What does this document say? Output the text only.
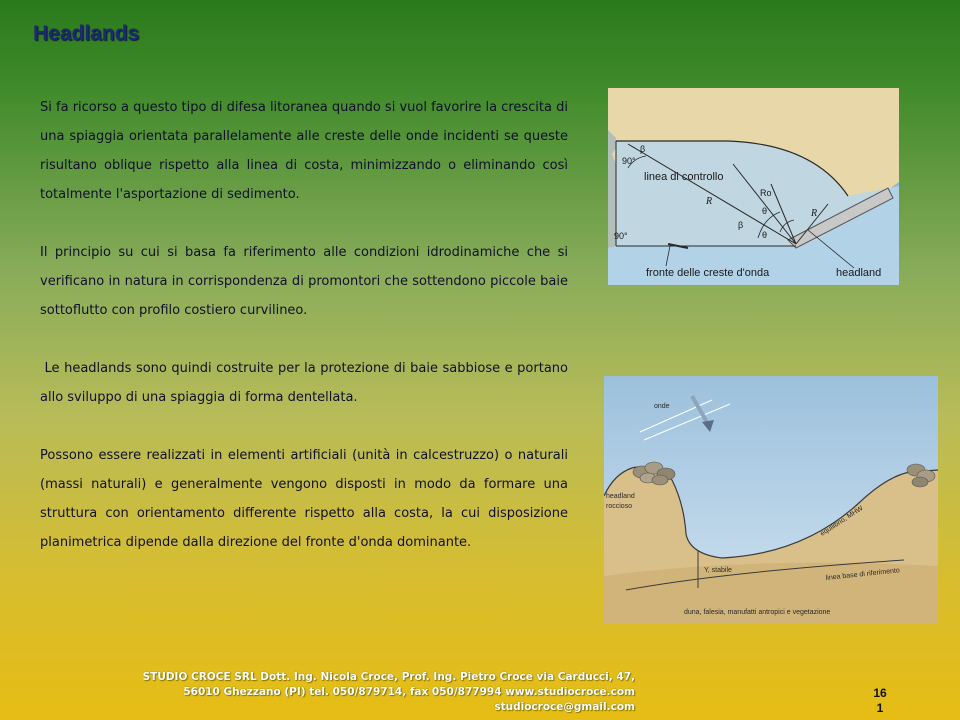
Headlands

Si fa ricorso a questo tipo di difesa litoranea quando si vuol favorire la crescita di una spiaggia orientata parallelamente alle creste delle onde incidenti se queste risultano oblique rispetto alla linea di costa, minimizzando o eliminando così totalmente l'asportazione di sedimento.

Il principio su cui si basa fa riferimento alle condizioni idrodinamiche che si verificano in natura in corrispondenza di promontori che sottendono piccole baie sottoflutto con profilo costiero curvilineo.

Le headlands sono quindi costruite per la protezione di baie sabbiose e portano allo sviluppo di una spiaggia di forma dentellata.

Possono essere realizzati in elementi artificiali (unità in calcestruzzo) o naturali (massi naturali) e generalmente vengono disposti in modo da formare una struttura con orientamento differente rispetto alla costa, la cui disposizione planimetrica dipende dalla direzione del fronte d'onda dominante.

90°
β
linea di controllo
Ro
R
R
θ
β
θ
90°
fronte delle creste d'onda	headland
onde
headland
roccioso	equilibrio, MHW
Y, stabile	linea base di riferimento
duna, falesia, manufatti antropici e vegetazione
STUDIO CROCE SRL Dott. Ing. Nicola Croce, Prof. Ing. Pietro Croce via Carducci, 47,
56010 Ghezzano (PI) tel. 050/879714, fax 050/877994 www.studiocroce.com
studiocroce@gmail.com
16
1
